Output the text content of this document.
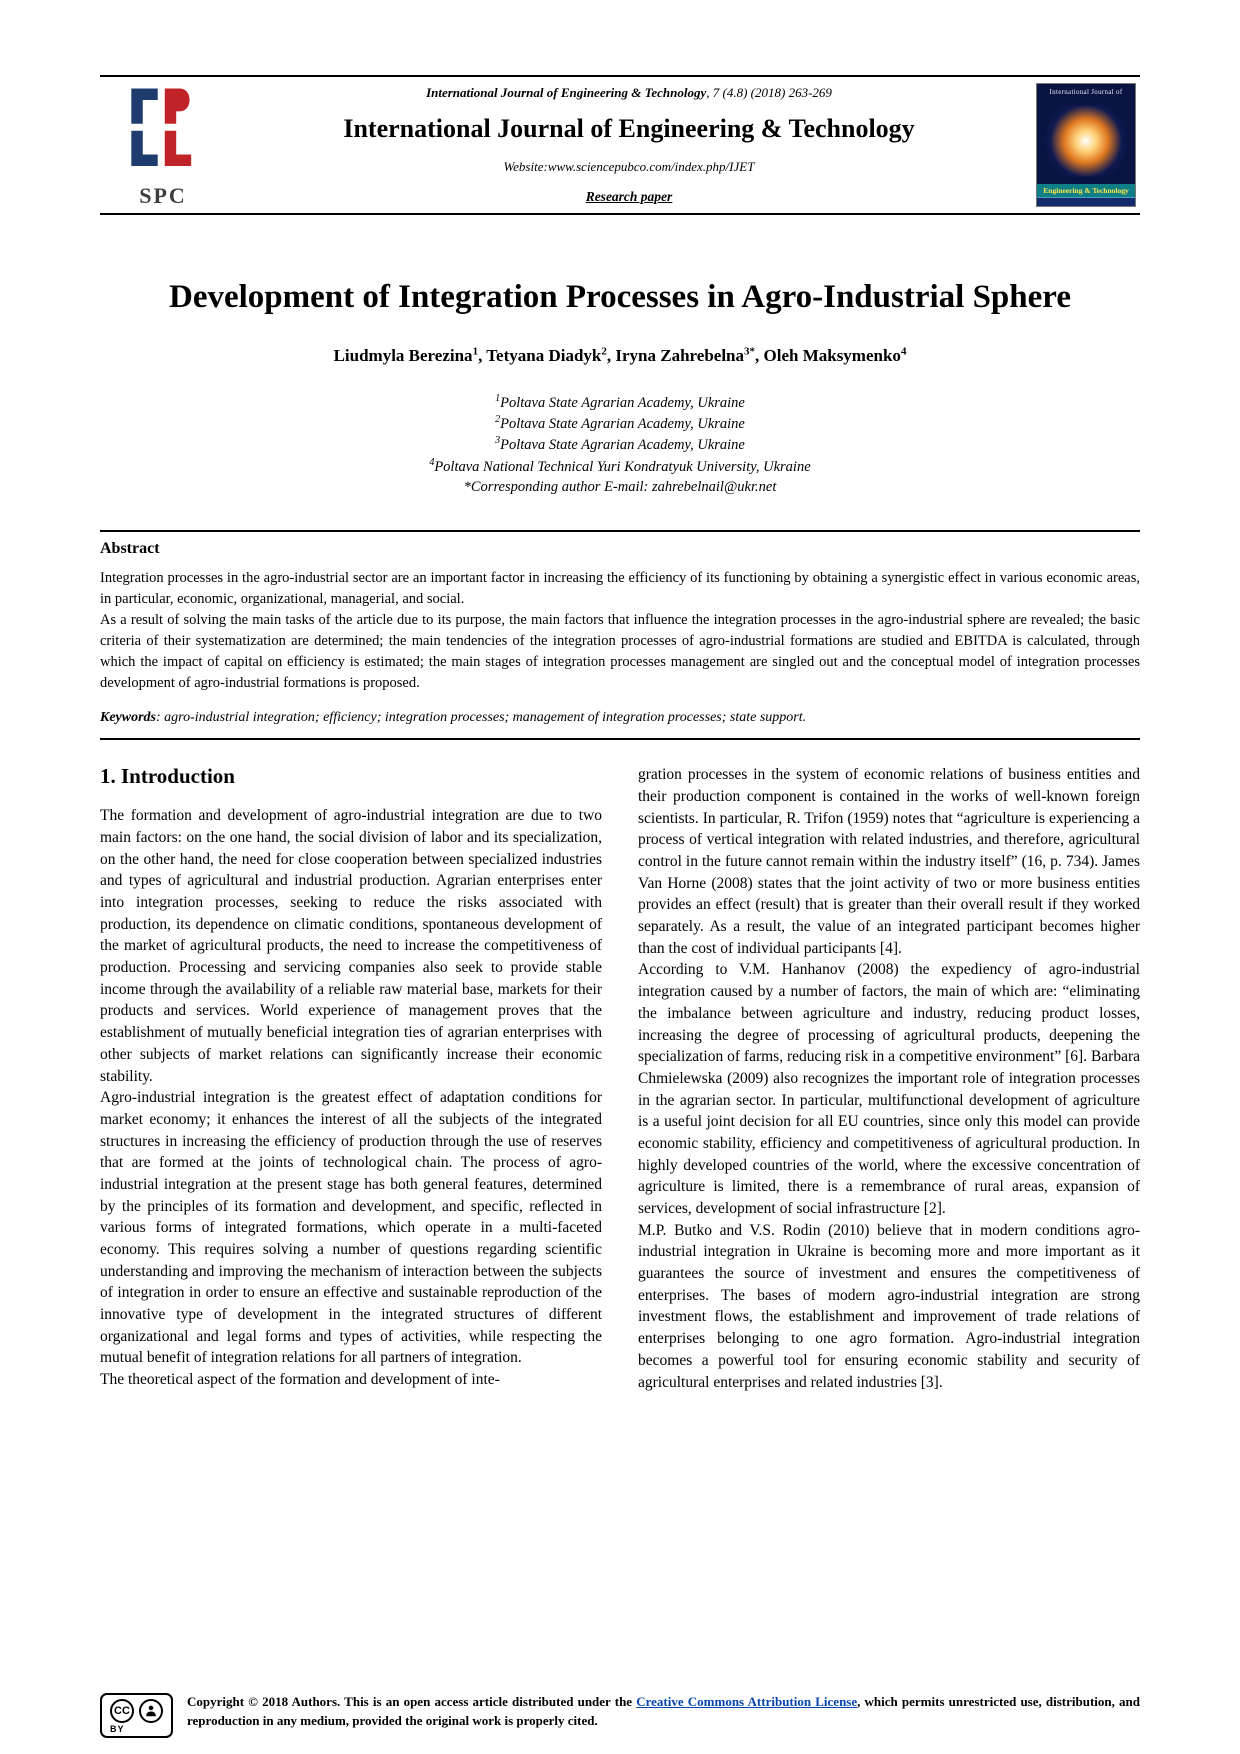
SPC
International Journal of Engineering & Technology, 7 (4.8) (2018) 263-269
International Journal of Engineering & Technology
Website:www.sciencepubco.com/index.php/IJET
Research paper
International Journal of
Engineering & Technology
Development of Integration Processes in Agro-Industrial Sphere
Liudmyla Berezina$^1$, Tetyana Diadyk$^2$, Iryna Zahrebelna$^{3*}$, Oleh Maksymenko$^4$
$^1$Poltava State Agrarian Academy, Ukraine
$^2$Poltava State Agrarian Academy, Ukraine
$^3$Poltava State Agrarian Academy, Ukraine
$^4$Poltava National Technical Yuri Kondratyuk University, Ukraine
*Corresponding author E-mail: zahrebelnail@ukr.net
Abstract

Integration processes in the agro-industrial sector are an important factor in increasing the efficiency of its functioning by obtaining a synergistic effect in various economic areas, in particular, economic, organizational, managerial, and social.

As a result of solving the main tasks of the article due to its purpose, the main factors that influence the integration processes in the agro-industrial sphere are revealed; the basic criteria of their systematization are determined; the main tendencies of the integration processes of agro-industrial formations are studied and EBITDA is calculated, through which the impact of capital on efficiency is estimated; the main stages of integration processes management are singled out and the conceptual model of integration processes development of agro-industrial formations is proposed.

Keywords: agro-industrial integration; efficiency; integration processes; management of integration processes; state support.

1. Introduction

The formation and development of agro-industrial integration are due to two main factors: on the one hand, the social division of labor and its specialization, on the other hand, the need for close cooperation between specialized industries and types of agricultural and industrial production. Agrarian enterprises enter into integration processes, seeking to reduce the risks associated with production, its dependence on climatic conditions, spontaneous development of the market of agricultural products, the need to increase the competitiveness of production. Processing and servicing companies also seek to provide stable income through the availability of a reliable raw material base, markets for their products and services. World experience of management proves that the establishment of mutually beneficial integration ties of agrarian enterprises with other subjects of market relations can significantly increase their economic stability.

Agro-industrial integration is the greatest effect of adaptation conditions for market economy; it enhances the interest of all the subjects of the integrated structures in increasing the efficiency of production through the use of reserves that are formed at the joints of technological chain. The process of agro-industrial integration at the present stage has both general features, determined by the principles of its formation and development, and specific, reflected in various forms of integrated formations, which operate in a multi-faceted economy. This requires solving a number of questions regarding scientific understanding and improving the mechanism of interaction between the subjects of integration in order to ensure an effective and sustainable reproduction of the innovative type of development in the integrated structures of different organizational and legal forms and types of activities, while respecting the mutual benefit of integration relations for all partners of integration.

The theoretical aspect of the formation and development of inte-

gration processes in the system of economic relations of business entities and their production component is contained in the works of well-known foreign scientists. In particular, R. Trifon (1959) notes that “agriculture is experiencing a process of vertical integration with related industries, and therefore, agricultural control in the future cannot remain within the industry itself” (16, p. 734). James Van Horne (2008) states that the joint activity of two or more business entities provides an effect (result) that is greater than their overall result if they worked separately. As a result, the value of an integrated participant becomes higher than the cost of individual participants [4].

According to V.M. Hanhanov (2008) the expediency of agro-industrial integration caused by a number of factors, the main of which are: “eliminating the imbalance between agriculture and industry, reducing product losses, increasing the degree of processing of agricultural products, deepening the specialization of farms, reducing risk in a competitive environment” [6]. Barbara Chmielewska (2009) also recognizes the important role of integration processes in the agrarian sector. In particular, multifunctional development of agriculture is a useful joint decision for all EU countries, since only this model can provide economic stability, efficiency and competitiveness of agricultural production. In highly developed countries of the world, where the excessive concentration of agriculture is limited, there is a remembrance of rural areas, expansion of services, development of social infrastructure [2].

M.P. Butko and V.S. Rodin (2010) believe that in modern conditions agro-industrial integration in Ukraine is becoming more and more important as it guarantees the source of investment and ensures the competitiveness of enterprises. The bases of modern agro-industrial integration are strong investment flows, the establishment and improvement of trade relations of enterprises belonging to one agro formation. Agro-industrial integration becomes a powerful tool for ensuring economic stability and security of agricultural enterprises and related industries [3].

CC
BY
Copyright © 2018 Authors. This is an open access article distributed under the Creative Commons Attribution License, which permits unrestricted use, distribution, and reproduction in any medium, provided the original work is properly cited.
